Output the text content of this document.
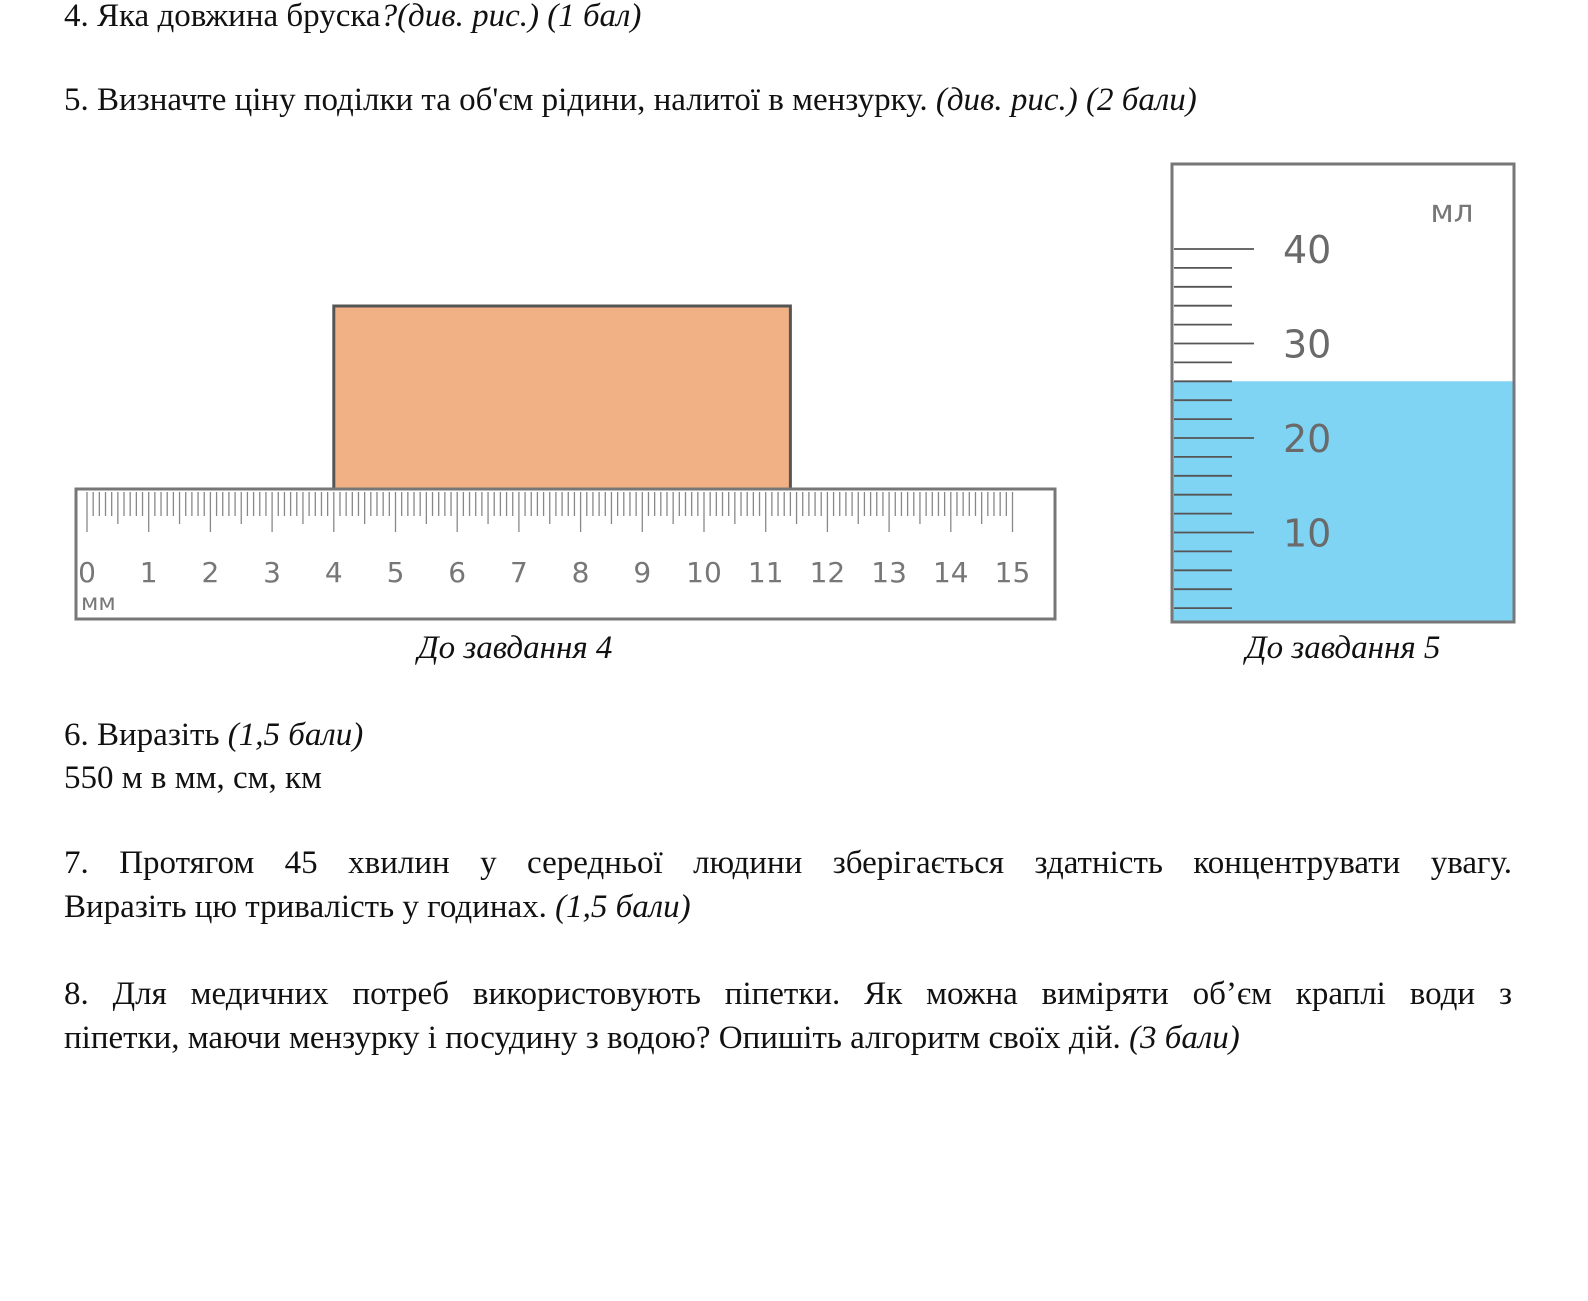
4. Яка довжина бруска?(див. рис.) (1 бал)
5. Визначте ціну поділки та об'єм рідини, налитої в мензурку. (див. рис.) (2 бали)
0 1 2 3 4 5 6 7 8 9 10 11 12 13 14 15
мм
До завдання 4
40
30
20
10
мл
До завдання 5
6. Виразіть (1,5 бали)
550 м в мм, см, км
7. Протягом 45 хвилин у середньої людини зберігається здатність концентрувати увагу.
Виразіть цю тривалість у годинах. (1,5 бали)
8. Для медичних потреб використовують піпетки. Як можна виміряти об’єм краплі води з
піпетки, маючи мензурку і посудину з водою? Опишіть алгоритм своїх дій. (3 бали)
